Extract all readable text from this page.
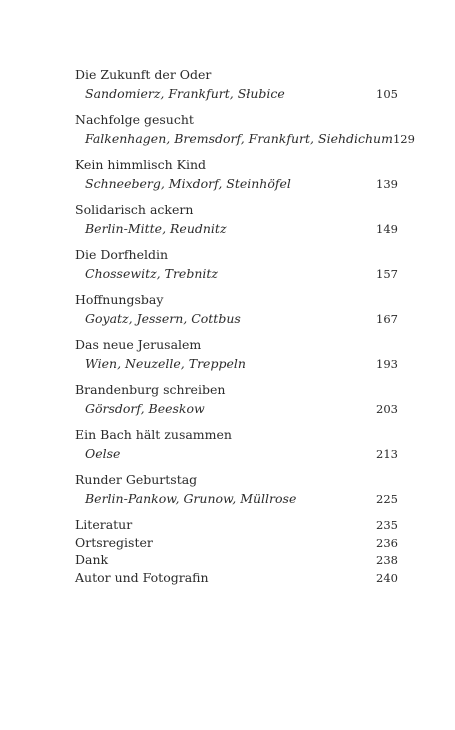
Die Zukunft der Oder
Sandomierz, Frankfurt, Słubice	105
Nachfolge gesucht
Falkenhagen, Bremsdorf, Frankfurt, Siehdichum 129
Kein himmlisch Kind
Schneeberg, Mixdorf, Steinhöfel	139
Solidarisch ackern
Berlin-Mitte, Reudnitz	149
Die Dorfheldin
Chossewitz, Trebnitz	157
Hoffnungsbay
Goyatz, Jessern, Cottbus	167
Das neue Jerusalem
Wien, Neuzelle, Treppeln	193
Brandenburg schreiben
Görsdorf, Beeskow	203
Ein Bach hält zusammen
Oelse	213
Runder Geburtstag
Berlin-Pankow, Grunow, Müllrose	225
Literatur	235
Ortsregister	236
Dank	238
Autor und Fotografin	240
